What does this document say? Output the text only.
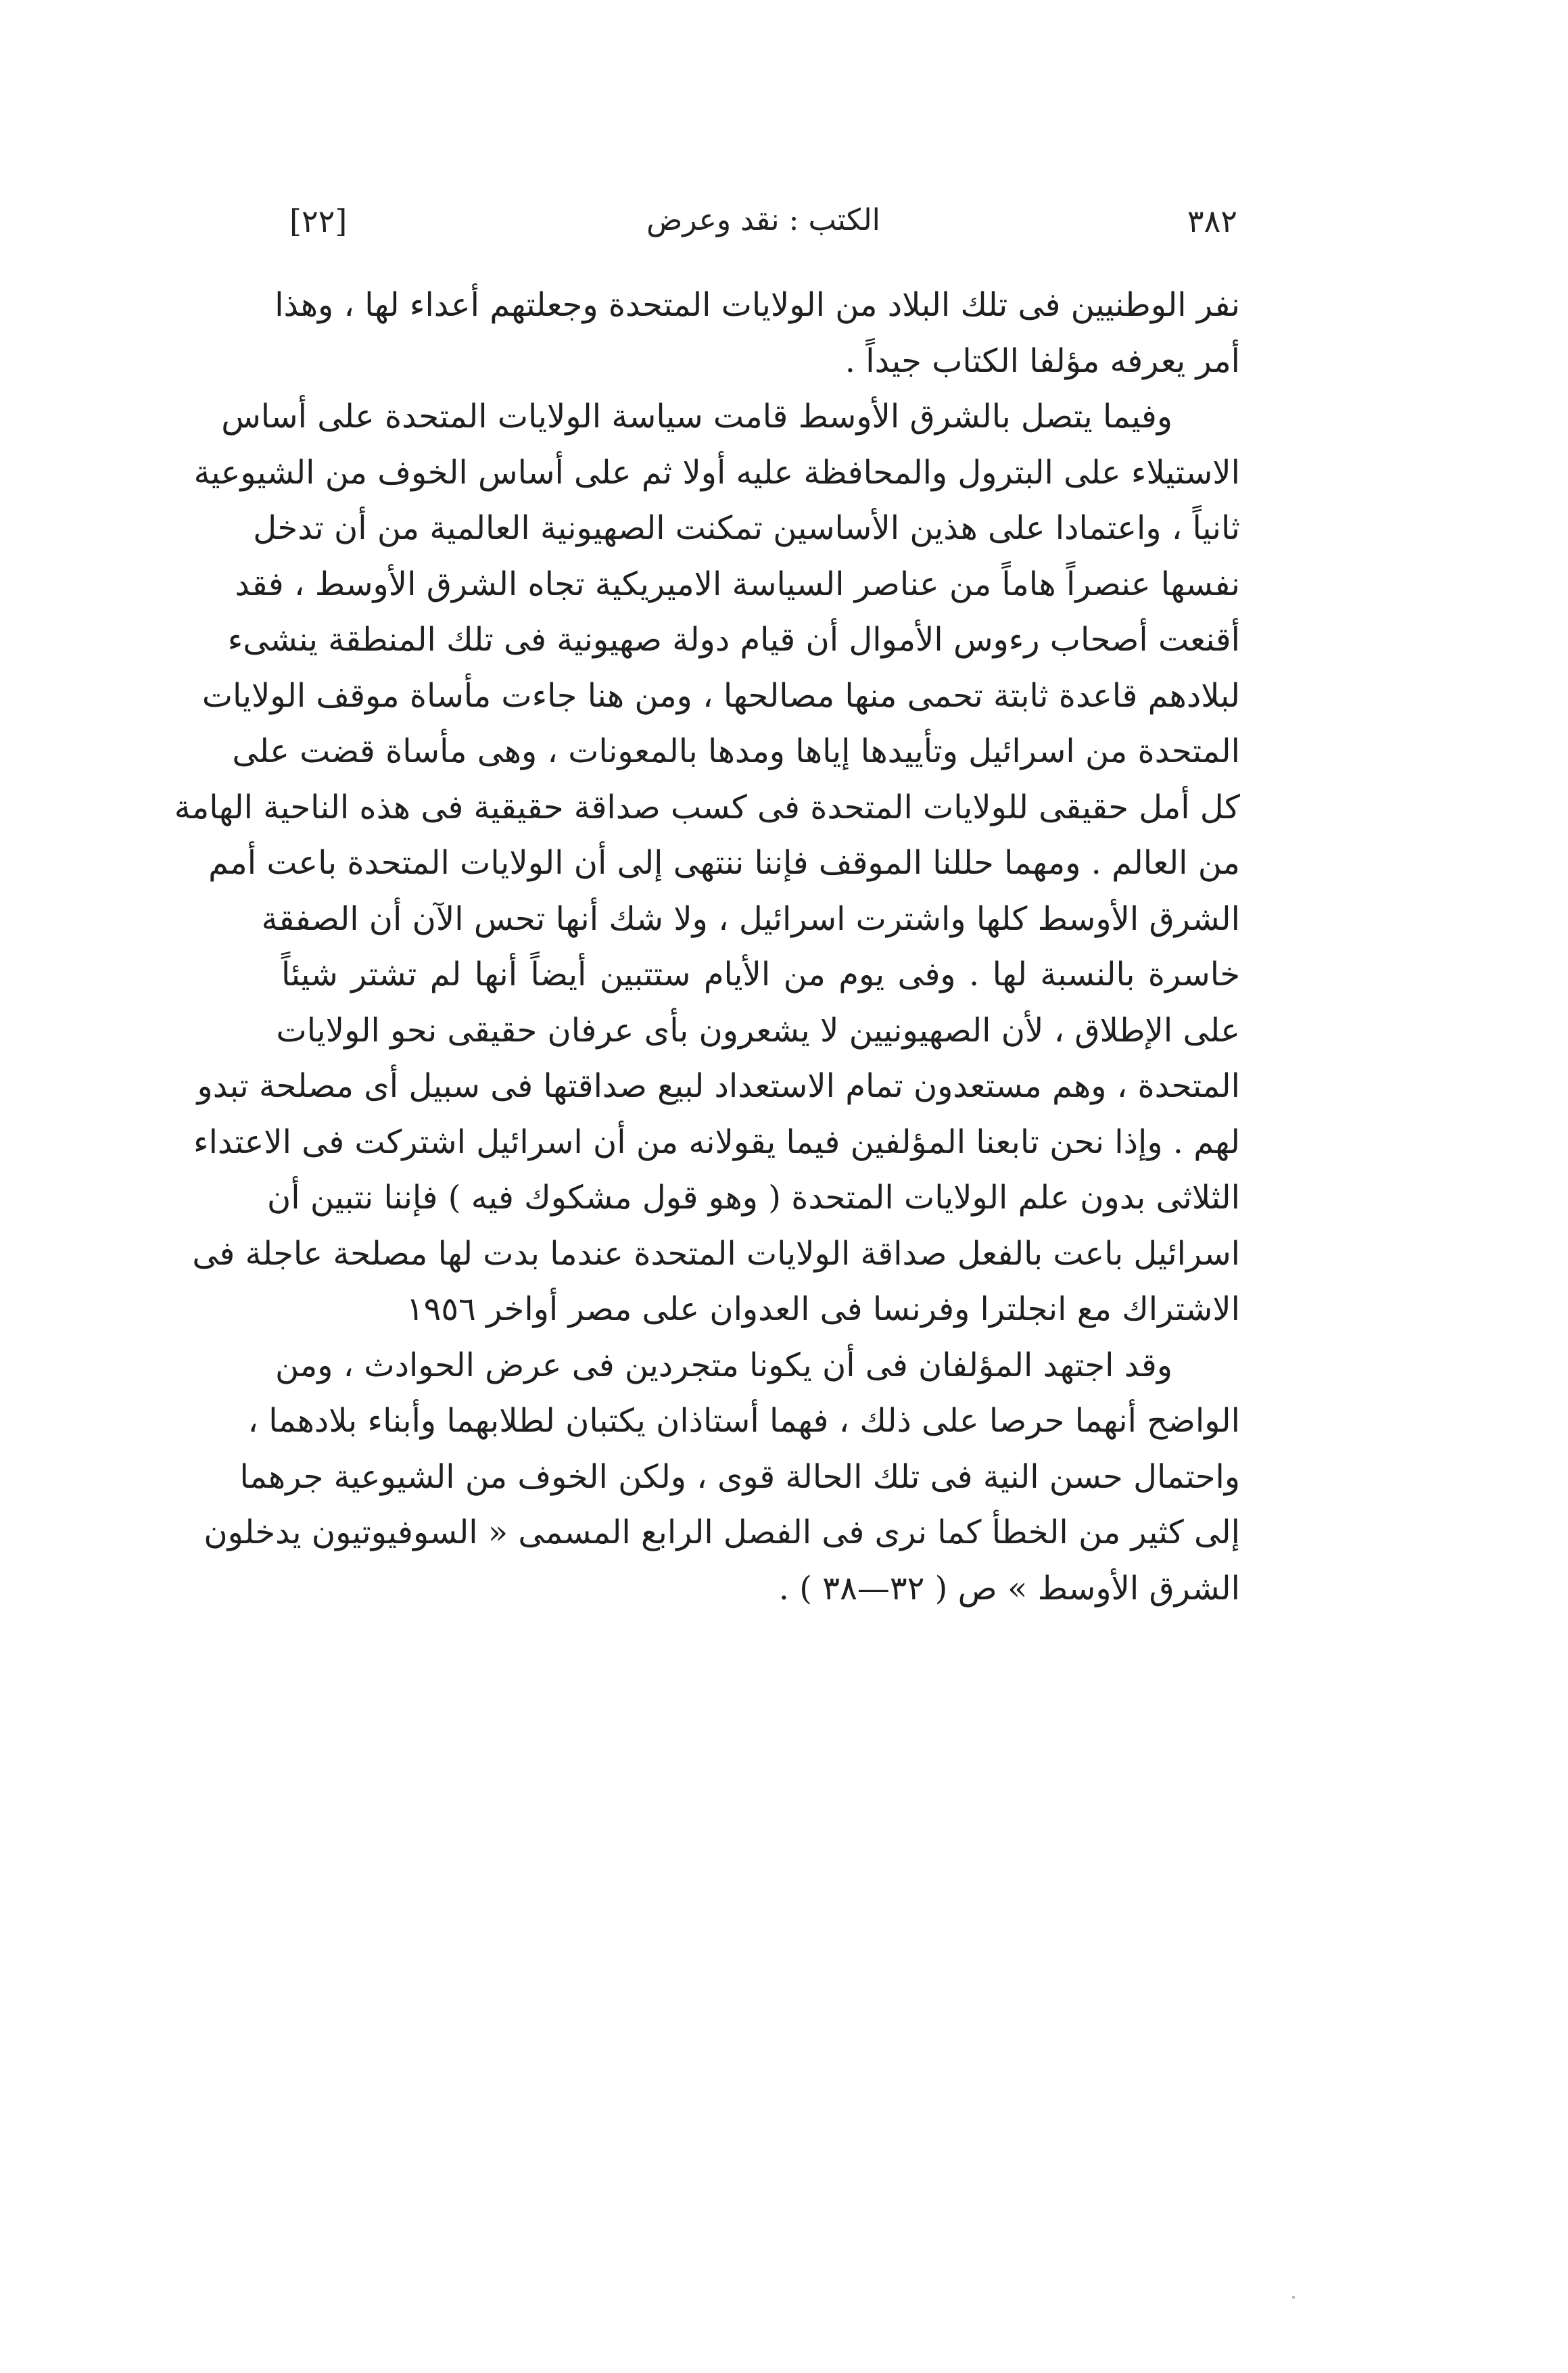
٣٨٢
الكتب : نقد وعرض
[٢٢]
نفر الوطنيين فى تلك البلاد من الولايات المتحدة وجعلتهم أعداء لها ، وهذا
أمر يعرفه مؤلفا الكتاب جيداً .
وفيما يتصل بالشرق الأوسط قامت سياسة الولايات المتحدة على أساس
الاستيلاء على البترول والمحافظة عليه أولا ثم على أساس الخوف من الشيوعية
ثانياً ، واعتمادا على هذين الأساسين تمكنت الصهيونية العالمية من أن تدخل
نفسها عنصراً هاماً من عناصر السياسة الاميريكية تجاه الشرق الأوسط ، فقد
أقنعت أصحاب رءوس الأموال أن قيام دولة صهيونية فى تلك المنطقة ينشىء
لبلادهم قاعدة ثابتة تحمى منها مصالحها ، ومن هنا جاءت مأساة موقف الولايات
المتحدة من اسرائيل وتأييدها إياها ومدها بالمعونات ، وهى مأساة قضت على
كل أمل حقيقى للولايات المتحدة فى كسب صداقة حقيقية فى هذه الناحية الهامة
من العالم . ومهما حللنا الموقف فإننا ننتهى إلى أن الولايات المتحدة باعت أمم
الشرق الأوسط كلها واشترت اسرائيل ، ولا شك أنها تحس الآن أن الصفقة
خاسرة بالنسبة لها . وفى يوم من الأيام ستتبين أيضاً أنها لم تشتر شيئاً
على الإطلاق ، لأن الصهيونيين لا يشعرون بأى عرفان حقيقى نحو الولايات
المتحدة ، وهم مستعدون تمام الاستعداد لبيع صداقتها فى سبيل أى مصلحة تبدو
لهم . وإذا نحن تابعنا المؤلفين فيما يقولانه من أن اسرائيل اشتركت فى الاعتداء
الثلاثى بدون علم الولايات المتحدة ( وهو قول مشكوك فيه ) فإننا نتبين أن
اسرائيل باعت بالفعل صداقة الولايات المتحدة عندما بدت لها مصلحة عاجلة فى
الاشتراك مع انجلترا وفرنسا فى العدوان على مصر أواخر ١٩٥٦
وقد اجتهد المؤلفان فى أن يكونا متجردين فى عرض الحوادث ، ومن
الواضح أنهما حرصا على ذلك ، فهما أستاذان يكتبان لطلابهما وأبناء بلادهما ،
واحتمال حسن النية فى تلك الحالة قوى ، ولكن الخوف من الشيوعية جرهما
إلى كثير من الخطأ كما نرى فى الفصل الرابع المسمى « السوفيوتيون يدخلون
الشرق الأوسط » ص ( ٣٢—٣٨ ) .
